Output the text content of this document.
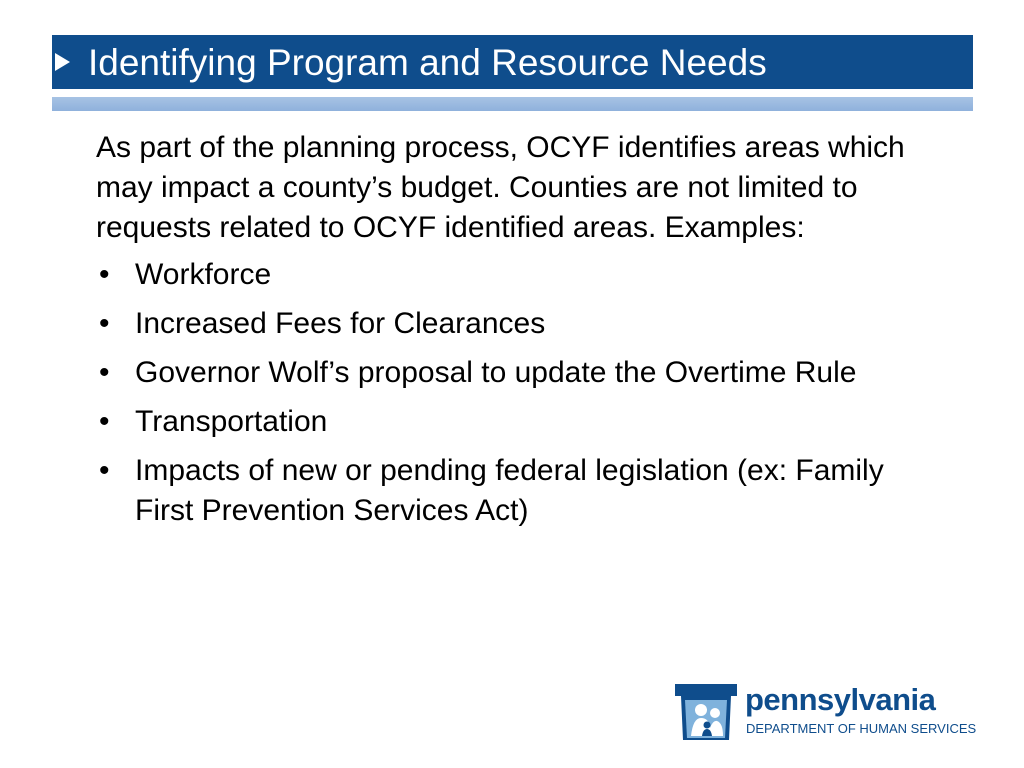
Identifying Program and Resource Needs

As part of the planning process, OCYF identifies areas which may impact a county’s budget. Counties are not limited to requests related to OCYF identified areas. Examples:

• Workforce
• Increased Fees for Clearances
• Governor Wolf’s proposal to update the Overtime Rule
• Transportation
• Impacts of new or pending federal legislation (ex: Family First Prevention Services Act)
pennsylvania
DEPARTMENT OF HUMAN SERVICES
